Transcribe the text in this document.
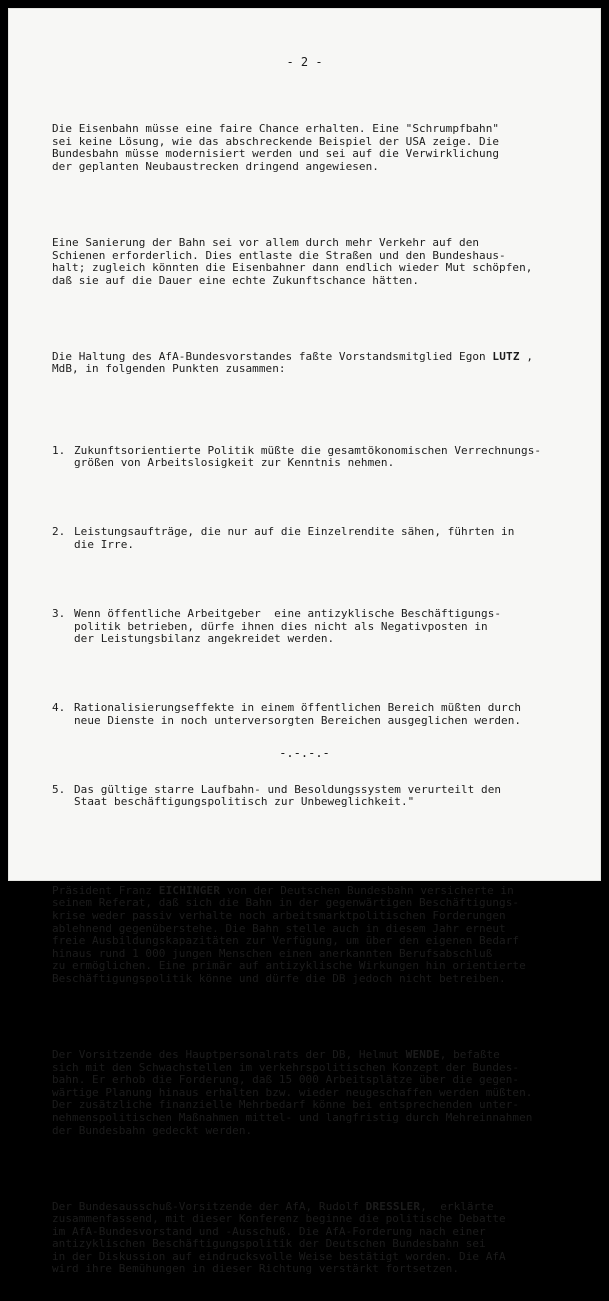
- 2 -

Die Eisenbahn müsse eine faire Chance erhalten. Eine "Schrumpfbahn"
sei keine Lösung, wie das abschreckende Beispiel der USA zeige. Die
Bundesbahn müsse modernisiert werden und sei auf die Verwirklichung
der geplanten Neubaustrecken dringend angewiesen.

Eine Sanierung der Bahn sei vor allem durch mehr Verkehr auf den
Schienen erforderlich. Dies entlaste die Straßen und den Bundeshaus-
halt; zugleich könnten die Eisenbahner dann endlich wieder Mut schöpfen,
daß sie auf die Dauer eine echte Zukunftschance hätten.

Die Haltung des AfA-Bundesvorstandes faßte Vorstandsmitglied Egon LUTZ ,
MdB, in folgenden Punkten zusammen:

1. Zukunftsorientierte Politik müßte die gesamtökonomischen Verrechnungs-
größen von Arbeitslosigkeit zur Kenntnis nehmen.

2. Leistungsaufträge, die nur auf die Einzelrendite sähen, führten in
die Irre.

3. Wenn öffentliche Arbeitgeber  eine antizyklische Beschäftigungs-
politik betrieben, dürfe ihnen dies nicht als Negativposten in
der Leistungsbilanz angekreidet werden.

4. Rationalisierungseffekte in einem öffentlichen Bereich müßten durch
neue Dienste in noch unterversorgten Bereichen ausgeglichen werden.

5. Das gültige starre Laufbahn- und Besoldungssystem verurteilt den
Staat beschäftigungspolitisch zur Unbeweglichkeit."

Präsident Franz EICHINGER von der Deutschen Bundesbahn versicherte in
seinem Referat, daß sich die Bahn in der gegenwärtigen Beschäftigungs-
krise weder passiv verhalte noch arbeitsmarktpolitischen Forderungen
ablehnend gegenüberstehe. Die Bahn stelle auch in diesem Jahr erneut
freie Ausbildungskapazitäten zur Verfügung, um über den eigenen Bedarf
hinaus rund 1 000 jungen Menschen einen anerkannten Berufsabschluß
zu ermöglichen. Eine primär auf antizyklische Wirkungen hin orientierte
Beschäftigungspolitik könne und dürfe die DB jedoch nicht betreiben.

Der Vorsitzende des Hauptpersonalrats der DB, Helmut WENDE, befaßte
sich mit den Schwachstellen im verkehrspolitischen Konzept der Bundes-
bahn. Er erhob die Forderung, daß 15 000 Arbeitsplätze über die gegen-
wärtige Planung hinaus erhalten bzw. wieder neugeschaffen werden müßten.
Der zusätzliche finanzielle Mehrbedarf könne bei entsprechenden unter-
nehmenspolitischen Maßnahmen mittel- und langfristig durch Mehreinnahmen
der Bundesbahn gedeckt werden.

Der Bundesausschuß-Vorsitzende der AfA, Rudolf DRESSLER,  erklärte
zusammenfassend, mit dieser Konferenz beginne die politische Debatte
im AfA-Bundesvorstand und -Ausschuß. Die AfA-Forderung nach einer
antizyklischen Beschäftigungspolitik der Deutschen Bundesbahn sei
in der Diskussion auf eindrucksvolle Weise bestätigt worden. Die AfA
wird ihre Bemühungen in dieser Richtung verstärkt fortsetzen.

-.-.-.-
